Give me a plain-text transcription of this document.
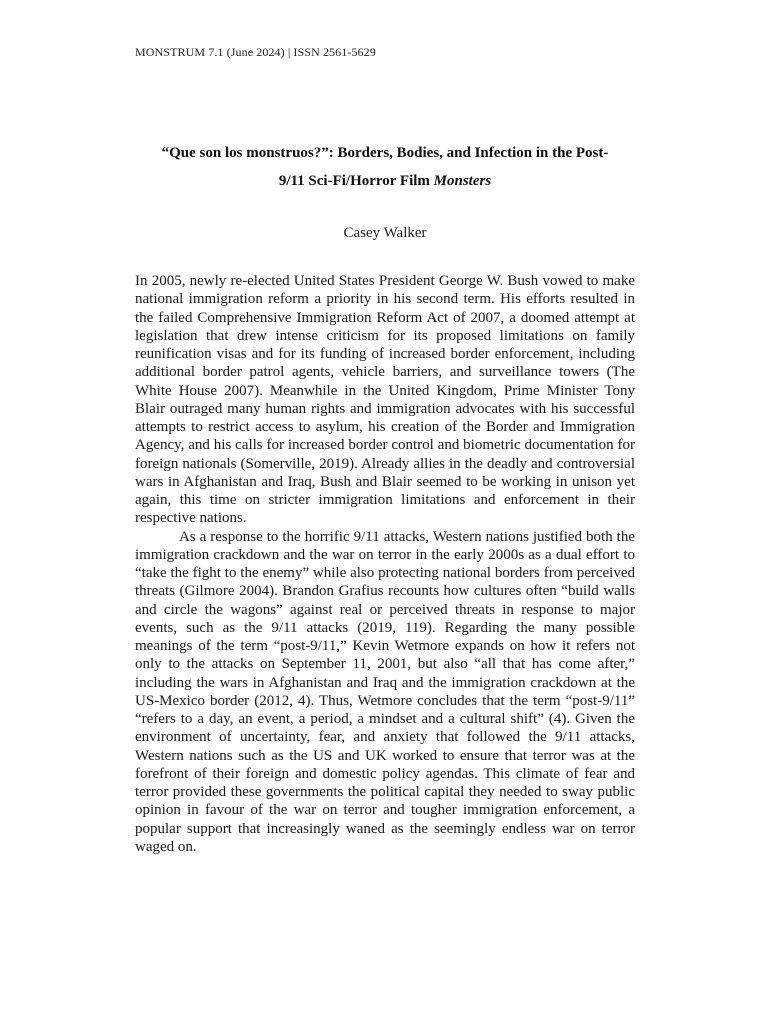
MONSTRUM 7.1 (June 2024) | ISSN 2561-5629
“Que son los monstruos?”: Borders, Bodies, and Infection in the Post-
9/11 Sci-Fi/Horror Film Monsters
Casey Walker

In 2005, newly re-elected United States President George W. Bush vowed to make national immigration reform a priority in his second term. His efforts resulted in the failed Comprehensive Immigration Reform Act of 2007, a doomed attempt at legislation that drew intense criticism for its proposed limitations on family reunification visas and for its funding of increased border enforcement, including additional border patrol agents, vehicle barriers, and surveillance towers (The White House 2007). Meanwhile in the United Kingdom, Prime Minister Tony Blair outraged many human rights and immigration advocates with his successful attempts to restrict access to asylum, his creation of the Border and Immigration Agency, and his calls for increased border control and biometric documentation for foreign nationals (Somerville, 2019). Already allies in the deadly and controversial wars in Afghanistan and Iraq, Bush and Blair seemed to be working in unison yet again, this time on stricter immigration limitations and enforcement in their respective nations.

As a response to the horrific 9/11 attacks, Western nations justified both the immigration crackdown and the war on terror in the early 2000s as a dual effort to “take the fight to the enemy” while also protecting national borders from perceived threats (Gilmore 2004). Brandon Grafius recounts how cultures often “build walls and circle the wagons” against real or perceived threats in response to major events, such as the 9/11 attacks (2019, 119). Regarding the many possible meanings of the term “post-9/11,” Kevin Wetmore expands on how it refers not only to the attacks on September 11, 2001, but also “all that has come after,” including the wars in Afghanistan and Iraq and the immigration crackdown at the US-Mexico border (2012, 4). Thus, Wetmore concludes that the term “post-9/11” “refers to a day, an event, a period, a mindset and a cultural shift” (4). Given the environment of uncertainty, fear, and anxiety that followed the 9/11 attacks, Western nations such as the US and UK worked to ensure that terror was at the forefront of their foreign and domestic policy agendas. This climate of fear and terror provided these governments the political capital they needed to sway public opinion in favour of the war on terror and tougher immigration enforcement, a popular support that increasingly waned as the seemingly endless war on terror waged on.
